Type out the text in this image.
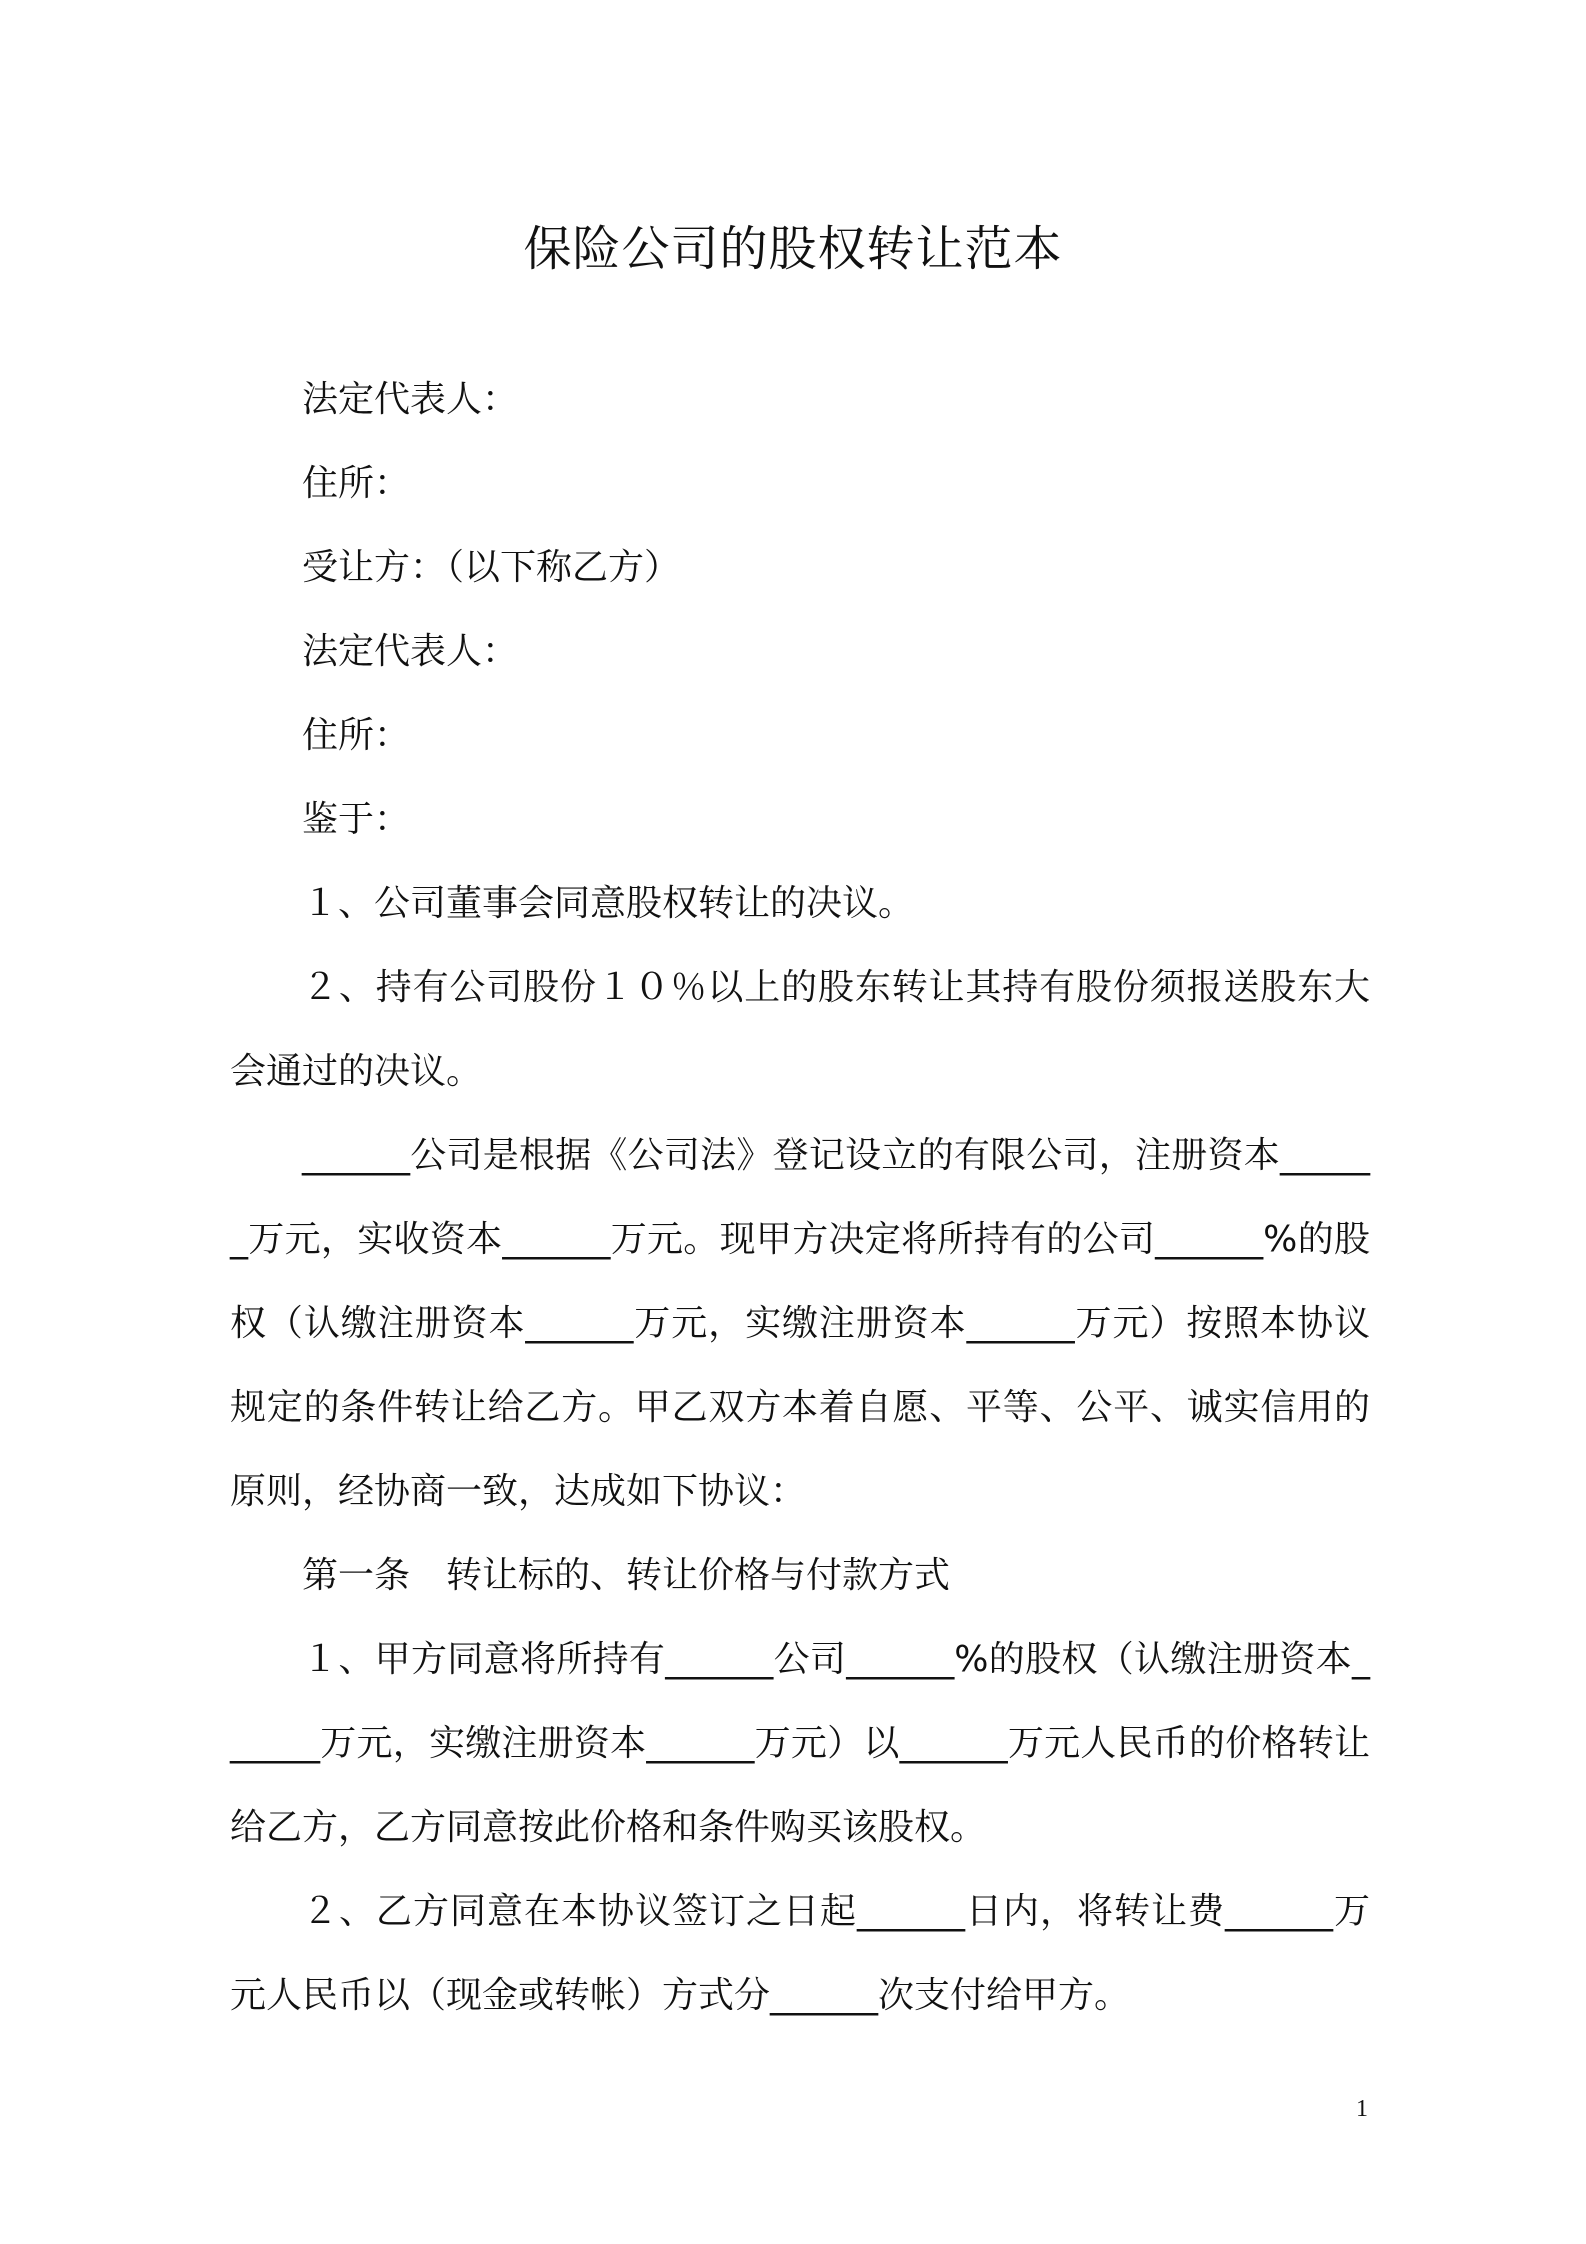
保险公司的股权转让范本

法定代表人：

住所：

受让方：（以下称乙方）

法定代表人：

住所：

鉴于：

１、公司董事会同意股权转让的决议。

２、持有公司股份１０％以上的股东转让其持有股份须报送股东大会通过的决议。

______公司是根据《公司法》登记设立的有限公司，注册资本______万元，实收资本______万元。现甲方决定将所持有的公司______%的股权（认缴注册资本______万元，实缴注册资本______万元）按照本协议规定的条件转让给乙方。甲乙双方本着自愿、平等、公平、诚实信用的原则，经协商一致，达成如下协议：

第一条　转让标的、转让价格与付款方式

１、甲方同意将所持有______公司______%的股权（认缴注册资本______万元，实缴注册资本______万元）以______万元人民币的价格转让给乙方，乙方同意按此价格和条件购买该股权。

２、乙方同意在本协议签订之日起______日内，将转让费______万元人民币以（现金或转帐）方式分______次支付给甲方。

1
